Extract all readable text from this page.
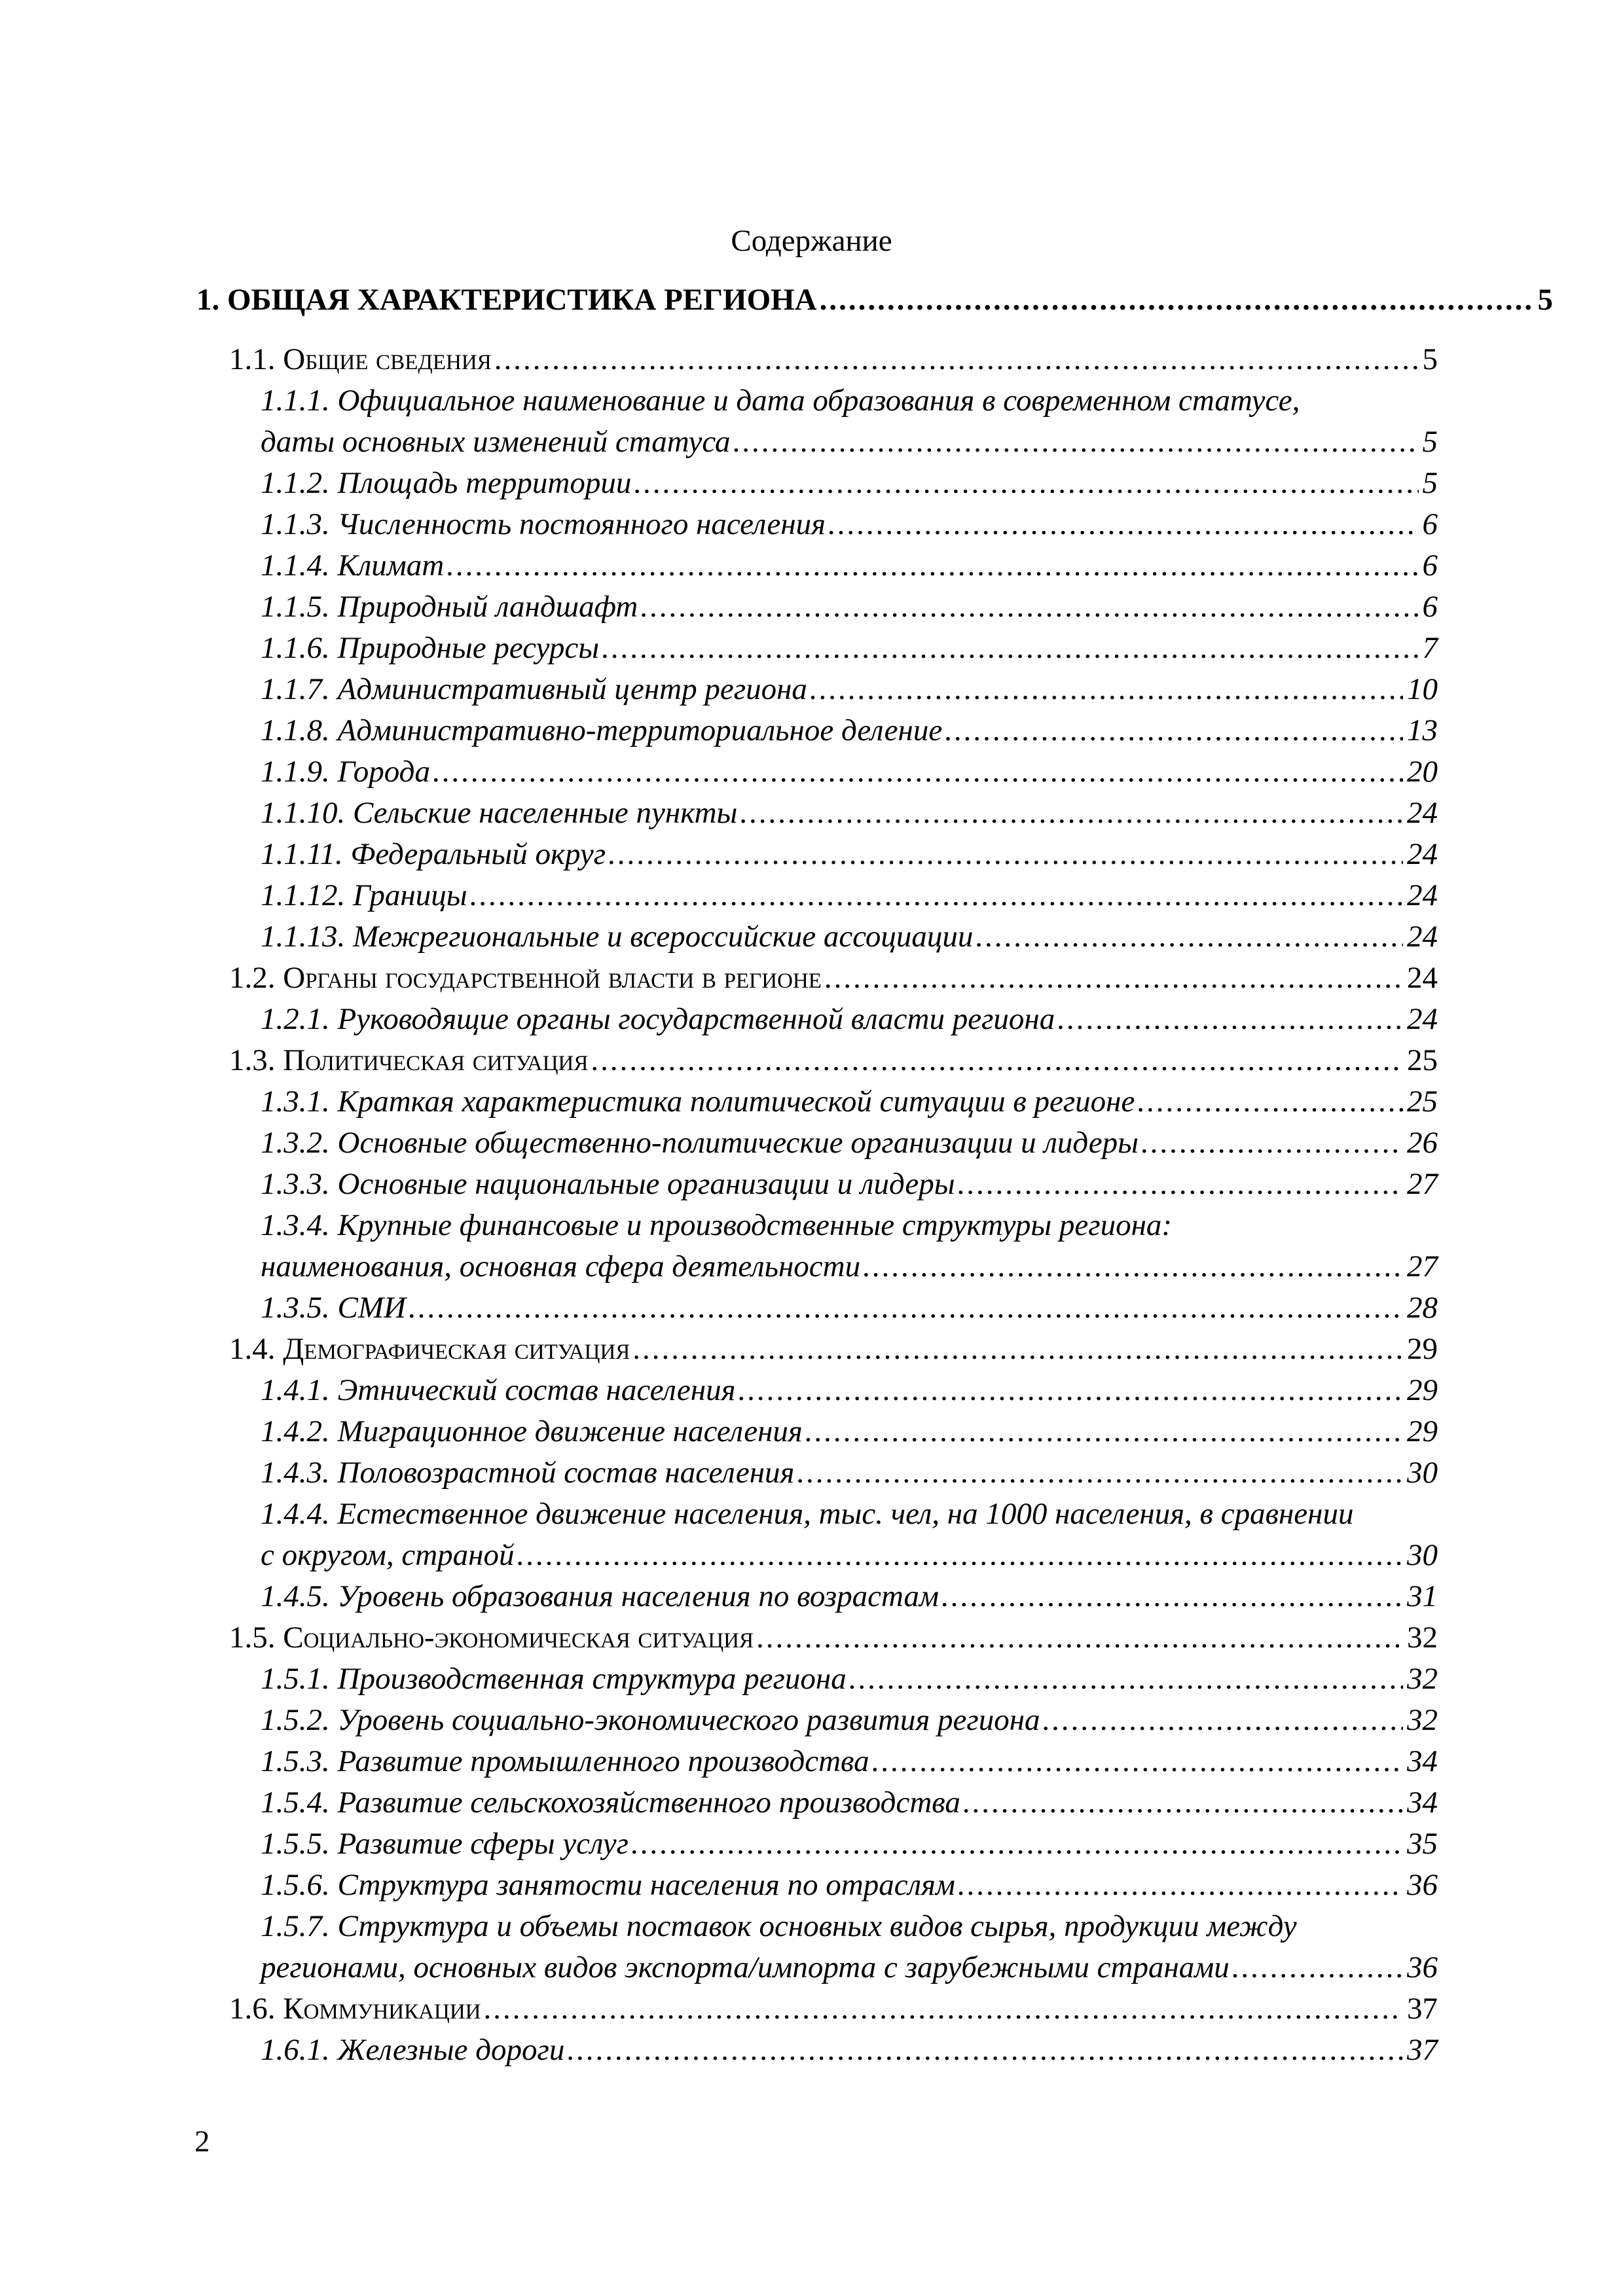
Содержание
1. ОБЩАЯ ХАРАКТЕРИСТИКА РЕГИОНА .....	5
1.1. Общие сведения .....	5
1.1.1. Официальное наименование и дата образования в современном статусе,
даты основных изменений статуса .....	5
1.1.2. Площадь территории .....	5
1.1.3. Численность постоянного населения .....	6
1.1.4. Климат .....	6
1.1.5. Природный ландшафт .....	6
1.1.6. Природные ресурсы .....	7
1.1.7. Административный центр региона .....	10
1.1.8. Административно-территориальное деление .....	13
1.1.9. Города .....	20
1.1.10. Сельские населенные пункты .....	24
1.1.11. Федеральный округ .....	24
1.1.12. Границы .....	24
1.1.13. Межрегиональные и всероссийские ассоциации .....	24
1.2. Органы государственной власти в регионе .....	24
1.2.1. Руководящие органы государственной власти региона .....	24
1.3. Политическая ситуация .....	25
1.3.1. Краткая характеристика политической ситуации в регионе .....	25
1.3.2. Основные общественно-политические организации и лидеры .....	26
1.3.3. Основные национальные организации и лидеры .....	27
1.3.4. Крупные финансовые и производственные структуры региона:
наименования, основная сфера деятельности .....	27
1.3.5. СМИ .....	28
1.4. Демографическая ситуация .....	29
1.4.1. Этнический состав населения .....	29
1.4.2. Миграционное движение населения .....	29
1.4.3. Половозрастной состав населения .....	30
1.4.4. Естественное движение населения, тыс. чел, на 1000 населения, в сравнении
с округом, страной .....	30
1.4.5. Уровень образования населения по возрастам .....	31
1.5. Социально-экономическая ситуация .....	32
1.5.1. Производственная структура региона .....	32
1.5.2. Уровень социально-экономического развития региона .....	32
1.5.3. Развитие промышленного производства .....	34
1.5.4. Развитие сельскохозяйственного производства .....	34
1.5.5. Развитие сферы услуг .....	35
1.5.6. Структура занятости населения по отраслям .....	36
1.5.7. Структура и объемы поставок основных видов сырья, продукции между
регионами, основных видов экспорта/импорта с зарубежными странами .....	36
1.6. Коммуникации .....	37
1.6.1. Железные дороги .....	37
2
